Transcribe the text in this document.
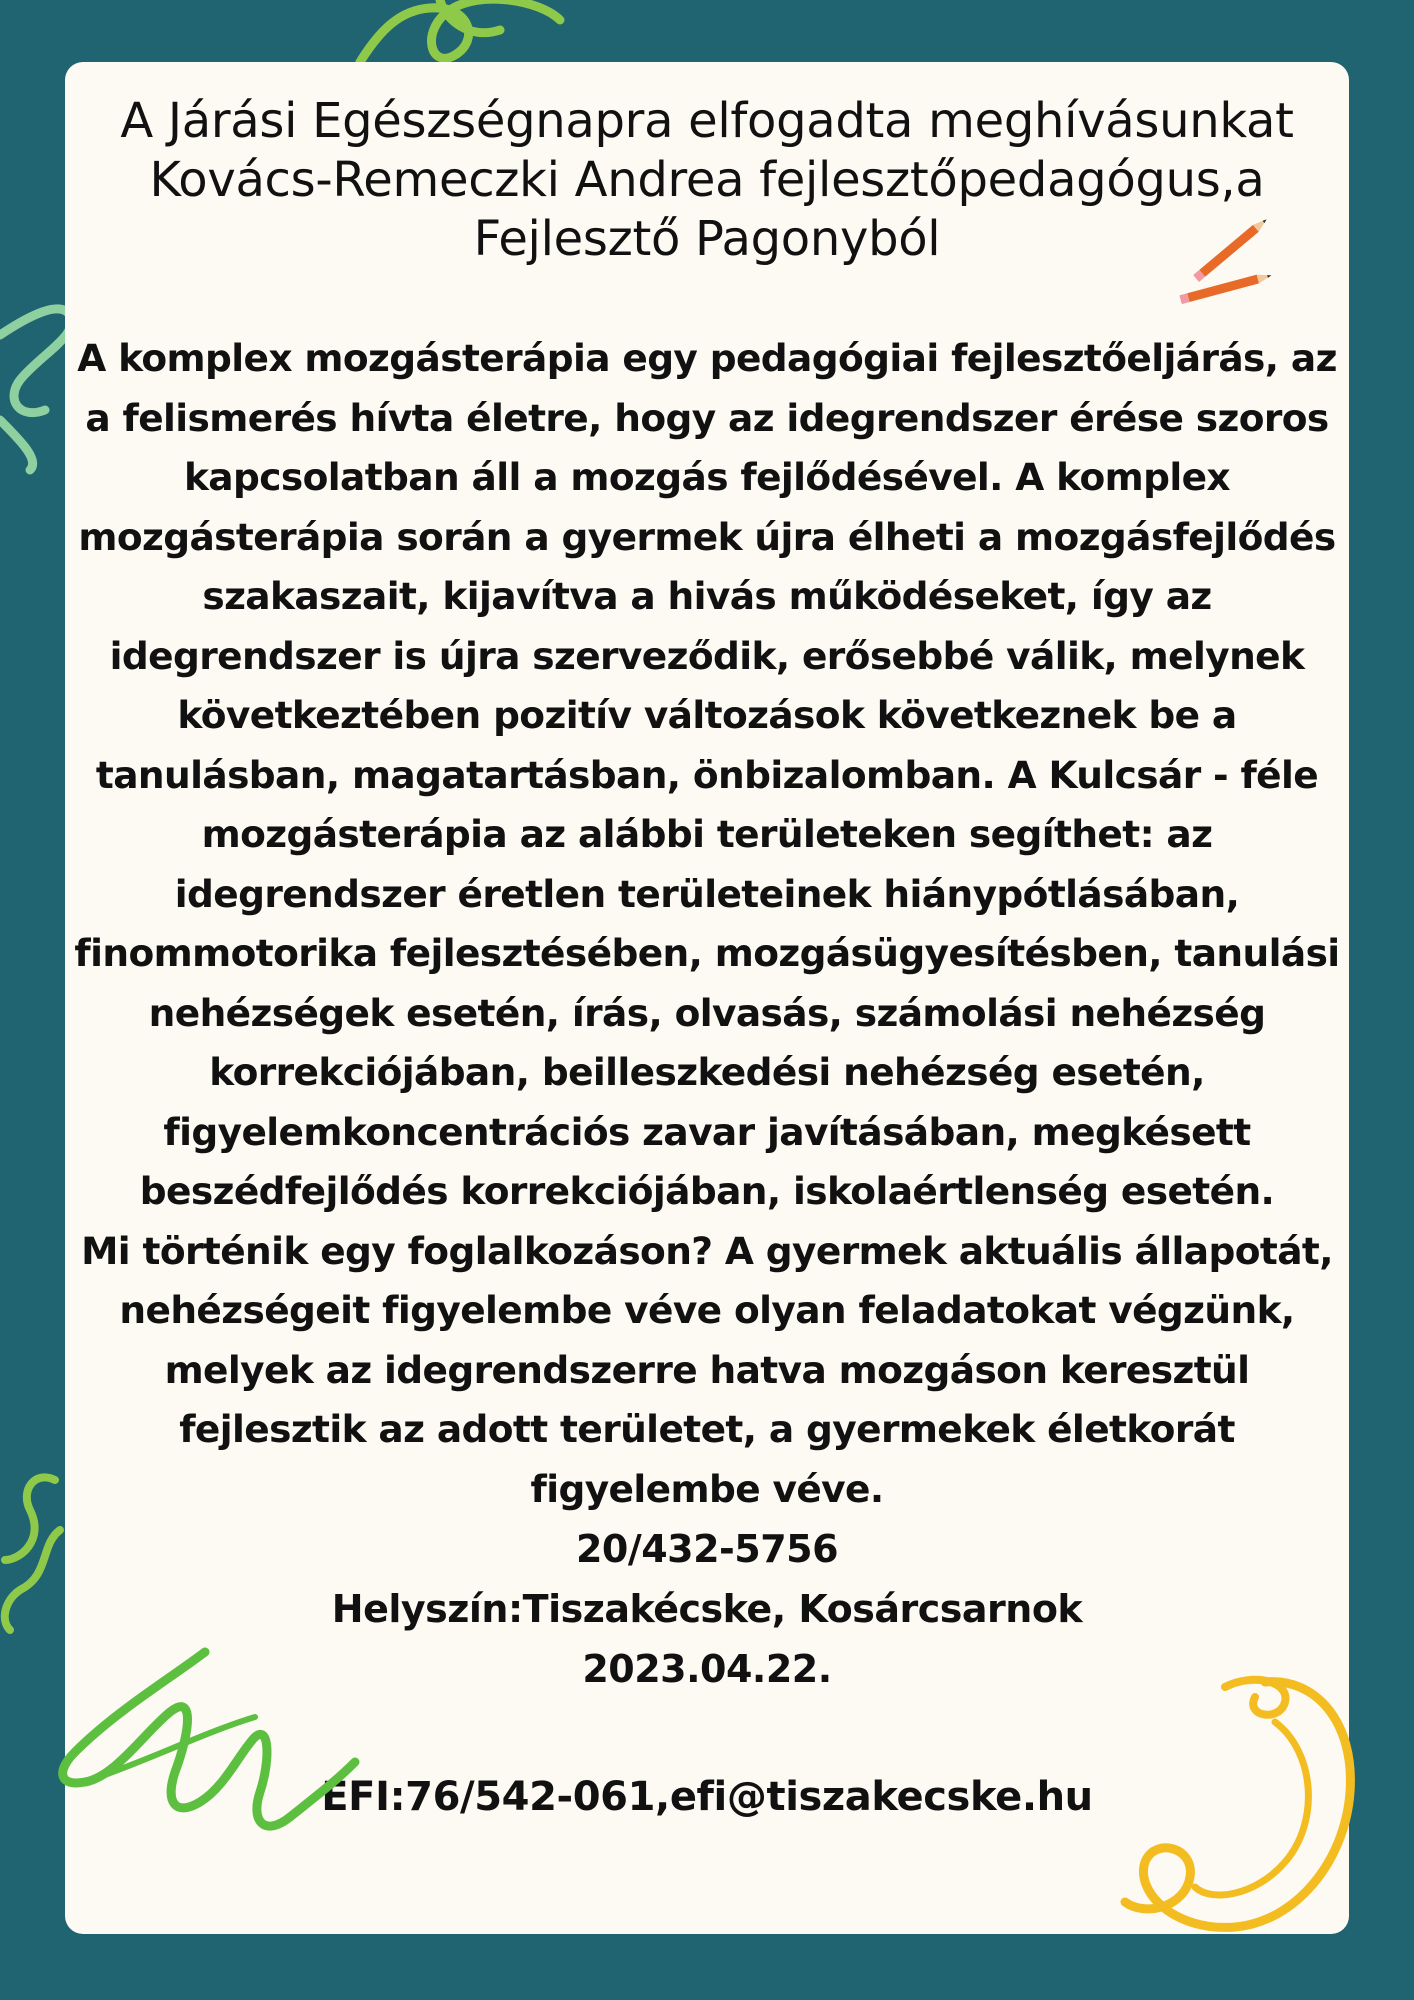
A Járási Egészségnapra elfogadta meghívásunkat
Kovács-Remeczki Andrea fejlesztőpedagógus,a
Fejlesztő Pagonyból

A komplex mozgásterápia egy pedagógiai fejlesztőeljárás, az a felismerés hívta életre, hogy az idegrendszer érése szoros kapcsolatban áll a mozgás fejlődésével. A komplex mozgásterápia során a gyermek újra élheti a mozgásfejlődés szakaszait, kijavítva a hivás működéseket, így az idegrendszer is újra szerveződik, erősebbé válik, melynek következtében pozitív változások következnek be a tanulásban, magatartásban, önbizalomban. A Kulcsár - féle mozgásterápia az alábbi területeken segíthet: az idegrendszer éretlen területeinek hiánypótlásában, finommotorika fejlesztésében, mozgásügyesítésben, tanulási nehézségek esetén, írás, olvasás, számolási nehézség korrekciójában, beilleszkedési nehézség esetén, figyelemkoncentrációs zavar javításában, megkésett beszédfejlődés korrekciójában, iskolaértlenség esetén.

Mi történik egy foglalkozáson? A gyermek aktuális állapotát, nehézségeit figyelembe véve olyan feladatokat végzünk, melyek az idegrendszerre hatva mozgáson keresztül fejlesztik az adott területet, a gyermekek életkorát figyelembe véve.

20/432-5756

Helyszín:Tiszakécske, Kosárcsarnok

2023.04.22.

EFI:76/542-061,efi@tiszakecske.hu
